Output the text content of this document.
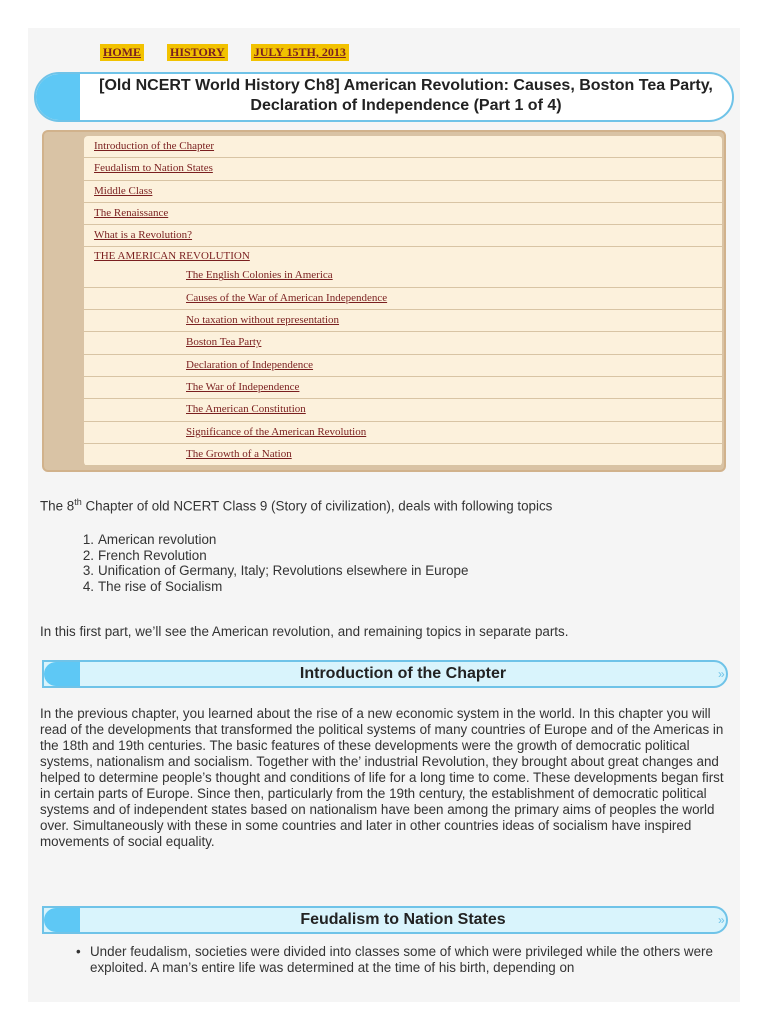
HOME HISTORY JULY 15TH, 2013
[Old NCERT World History Ch8] American Revolution: Causes, Boston Tea Party, Declaration of Independence (Part 1 of 4)
Introduction of the Chapter
Feudalism to Nation States
Middle Class
The Renaissance
What is a Revolution?
THE AMERICAN REVOLUTION
The English Colonies in America
Causes of the War of American Independence
No taxation without representation
Boston Tea Party
Declaration of Independence
The War of Independence
The American Constitution
Significance of the American Revolution
The Growth of a Nation
The 8th Chapter of old NCERT Class 9 (Story of civilization), deals with following topics
1. American revolution
2. French Revolution
3. Unification of Germany, Italy; Revolutions elsewhere in Europe
4. The rise of Socialism
In this first part, we’ll see the American revolution, and remaining topics in separate parts.
Introduction of the Chapter	»
In the previous chapter, you learned about the rise of a new economic system in the world. In this chapter you will read of the developments that transformed the political systems of many countries of Europe and of the Americas in the 18th and 19th centuries. The basic features of these developments were the growth of democratic political systems, nationalism and socialism. Together with the’ industrial Revolution, they brought about great changes and helped to determine people’s thought and conditions of life for a long time to come. These developments began first in certain parts of Europe. Since then, particularly from the 19th century, the establishment of democratic political systems and of independent states based on nationalism have been among the primary aims of peoples the world over. Simultaneously with these in some countries and later in other countries ideas of socialism have inspired movements of social equality.
Feudalism to Nation States	»
• Under feudalism, societies were divided into classes some of which were privileged while the others were exploited. A man’s entire life was determined at the time of his birth, depending on
